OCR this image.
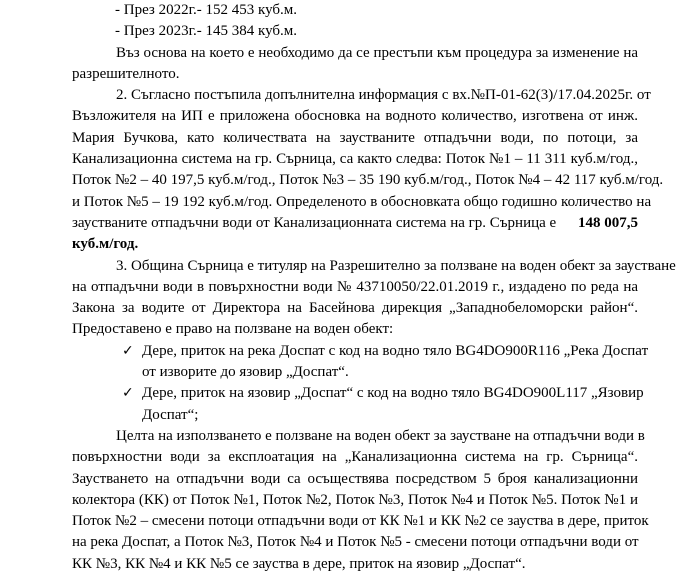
- През 2022г.- 152 453 куб.м.
- През 2023г.- 145 384 куб.м.
Въз основа на което е необходимо да се престъпи към процедура за изменение на
разрешителното.
2. Съгласно постъпила допълнителна информация с вх.№П-01-62(3)/17.04.2025г. от
Възложителя на ИП е приложена обосновка на водното количество, изготвена от инж.
Мария Бучкова, като количествата на заустваните отпадъчни води, по потоци, за
Канализационна система на гр. Сърница, са както следва: Поток №1 – 11 311 куб.м/год.,
Поток №2 – 40 197,5 куб.м/год., Поток №3 – 35 190 куб.м/год., Поток №4 – 42 117 куб.м/год.
и Поток №5 – 19 192 куб.м/год. Определеното в обосновката общо годишно количество на
заустваните отпадъчни води от Канализационната система на гр. Сърница е 148 007,5
куб.м/год.
3. Община Сърница е титуляр на Разрешително за ползване на воден обект за заустване
на отпадъчни води в повърхностни води № 43710050/22.01.2019 г., издадено по реда на
Закона за водите от Директора на Басейнова дирекция „Западнобеломорски район“.
Предоставено е право на ползване на воден обект:
✓ Дере, приток на река Доспат с код на водно тяло BG4DO900R116 „Река Доспат
от изворите до язовир „Доспат“.
✓ Дере, приток на язовир „Доспат“ с код на водно тяло BG4DO900L117 „Язовир
Доспат“;
Целта на използването е ползване на воден обект за заустване на отпадъчни води в
повърхностни води за експлоатация на „Канализационна система на гр. Сърница“.
Заустването на отпадъчни води са осъществява посредством 5 броя канализационни
колектора (КК) от Поток №1, Поток №2, Поток №3, Поток №4 и Поток №5. Поток №1 и
Поток №2 – смесени потоци отпадъчни води от КК №1 и КК №2 се зауства в дере, приток
на река Доспат, а Поток №3, Поток №4 и Поток №5 - смесени потоци отпадъчни води от
КК №3, КК №4 и КК №5 се зауства в дере, приток на язовир „Доспат“.
